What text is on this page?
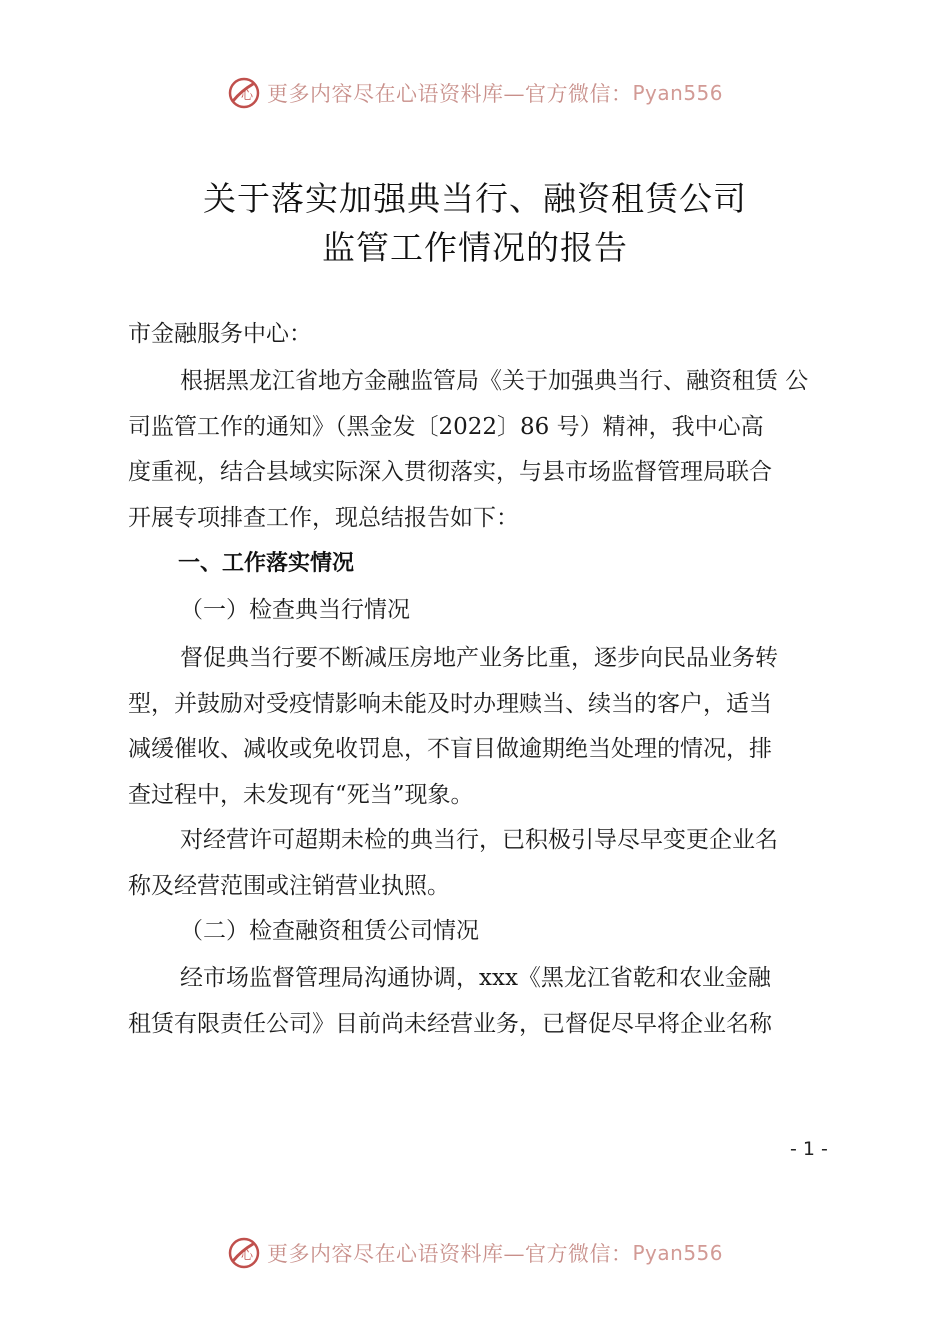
心 更多内容尽在心语资料库—官方微信： Pyan556
关于落实加强典当行、融资租赁公司
监管工作情况的报告
市金融服务中心：
根据黑龙江省地方金融监管局《关于加强典当行、融资租赁 公
司监管工作的通知》（黑金发〔2022〕86 号）精神，我中心高
度重视，结合县域实际深入贯彻落实，与县市场监督管理局联合
开展专项排查工作，现总结报告如下：
一、工作落实情况
（一）检查典当行情况
督促典当行要不断减压房地产业务比重，逐步向民品业务转
型，并鼓励对受疫情影响未能及时办理赎当、续当的客户，适当
减缓催收、减收或免收罚息，不盲目做逾期绝当处理的情况，排
查过程中，未发现有“死当”现象。
对经营许可超期未检的典当行，已积极引导尽早变更企业名
称及经营范围或注销营业执照。
（二）检查融资租赁公司情况
经市场监督管理局沟通协调，xxx《黑龙江省乾和农业金融
租赁有限责任公司》目前尚未经营业务，已督促尽早将企业名称
- 1 -
心 更多内容尽在心语资料库—官方微信： Pyan556
